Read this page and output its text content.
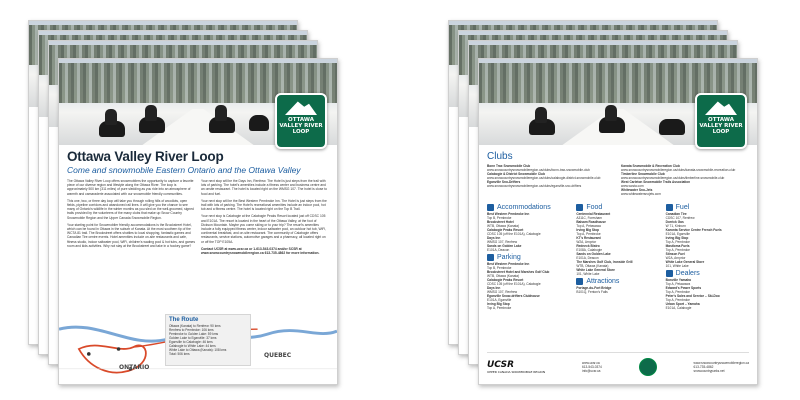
OTTAWA VALLEY RIVER LOOP
Ottawa Valley River Loop
Come and snowmobile Eastern Ontario and the Ottawa Valley

The Ottawa Valley River Loop offers snowmobilers the opportunity to capture a favorite piece of our diverse region and lifestyle along the Ottawa River. The loop is approximately 500 km (311 miles) of pure sledding as you ride into an atmosphere of warmth and camaraderie associated with our snowmobile friendly communities.

This one, two, or three day loop will take you through rolling hills of woodlots, open fields, pipeline corridors and abandoned rail lines. It will give you the chance to see many of Ontario's wildlife in the winter months as you sled on the well-groomed, signed trails provided by the volunteers of the many clubs that make up Snow Country Snowmobile Region and the Upper Canada Snowmobile Region.

Your starting point for Snowmobiler friendly accommodations is the Brookstreet Hotel, which can be found in Ottawa in the suburb of Kanata. At the most southern tip of the WCTA 81 trail. The Brookstreet offers shuttles to local shopping, fantastic games and Canadian Tire centre events. Hotel amenities include on-site restaurants and cafe, fitness studio, indoor saltwater pool, WiFi, children's wading pool & hot tubs, and games room and kids activities. Why not stay at the Brookstreet and take in a hockey game?

Your next stop will be the Days Inn, Renfrew. The Hotel is just steps from the trail with lots of parking. The hotel's amenities include a fitness center and business centre and an onsite restaurant. The hotel is located right on the WMSG 107. The hotel is close to food and fuel.

Your next stop will be the Best Western Pembroke Inn. The Hotel is just steps from the trail with lots of parking. The Hotel's recreational amenities include an indoor pool, hot tub and a fitness centre. The hotel is located right on the Top B Trail.

Your next stop is Calabogie at the Calabogie Peaks Resort located just off CDSC 105 and E101A. The resort is located in the heart of the Ottawa Valley, at the foot of Dickson Mountain. Maybe you come skiing or to your trip? The resort's amenities include a fully equipped fitness center, indoor saltwater pool, an outdoor hot tub, WiFi, continental breakfast, and on-site restaurant. The community of Calabogie offers restaurants, service stations, automotive garages and a pharmacy, all located right on or off the TOP E105A.

Contact UCSR at www.ucsr.ca or 1-613-543-0374 and/or SCSR at www.snowcountrysnowmobileregion.ca 613-735-4862 for more information.

QUEBEC
ONTARIO
The Route
Ottawa (Kanata) to Renfrew: 90 kms
Renfrew to Pembroke: 106 kms
Pembroke to Golden Lake: 59 kms
Golden Lake to Eganville: 37 kms
Eganville to Calabogie: 46 kms
Calabogie to White Lake: 44 kms
White Lake to Ottawa (Kanata): 108 kms
Total: 506 kms
OTTAWA VALLEY RIVER LOOP
Clubs
Bonn Trax Snowmobile Club
www.snowcountrysnowmobileregion.ca/clubs/bonn-trax-snowmobile-club
Calabogie & District Snowmobile Club
www.snowcountrysnowmobileregion.ca/clubs/calabogie-district-snowmobile-club
Eganville Sno-Drifters
www.snowcountrysnowmobileregion.ca/clubs/eganville-sno-drifters
Kanata Snowmobile & Recreation Club
www.snowcountrysnowmobileregion.ca/clubs/kanata-snowmobile-recreation-club
Timberline Snowmobile Club
www.snowcountrysnowmobileregion.ca/clubs/timberline-snowmobile-club
West Carleton Snowmobile Trails Association
www.wcsta.com
Whitewater Sno-Jets
www.whitewatersnojets.com
Accommodations
Best Western Pembroke Inn
Top B, Pembroke
Brookstreet Hotel
WTB, Ottawa (Kanata)
Calabogie Peaks Resort
CDSC 105 (off the E101A), Calabogie
Days Inn
WMSG 107, Renfrew
Sands on Golden Lake
E101A, Deacon
Parking
Best Western Pembroke Inn
Top B, Pembroke
Brookstreet Hotel and Marshes Golf Club
WTB, Ottawa (Kanata)
Calabogie Peaks Resort
CDSC 105 (off the E101A), Calabogie
Days Inn
WMSG 107, Renfrew
Eganville Snow-drifters Clubhouse
E101A, Eganville
Irving Big Stop
Top A, Pembroke
Food
Centennial Restaurant
A311C, Foresham
Balsam Roadhouse
Top A, Petawawa
Irving Big Stop
Top A, Pembroke
KT's Restaurant
W2A, Arnprior
Redneck Bistro
E108A, Calabogie
Sands on Golden Lake
E101A, Deacon
The Marshes Golf Club, Ironside Grill
WTB, Ottawa (Kanata)
White Lake General Store
101, White Lake
Attractions
Portage-du-Fort Bridge
B101Q, Fenton's Falls
Fuel
Canadian Tire
CDSC 107, Renfrew
Dorrick Gas
W 71, Kinburn
Karonta Service Centre French Fuels
E101A, Eganville
Irving Big Stop
Top A, Pembroke
Mastloma Fuels
Top A, Pembroke
Stinson Fuel
W2A, Arnprior
White Lake General Store
101, White Lake
Dealers
Bonville Yamaha
Top A, Petawawa
Edward's Power Sports
Top A, Pembroke
Peter's Sales and Service – Ski-Doo
Top A, Pembroke
Urban Sport – Yamaha
E101A, Calabogie
UCSR
UPPER CANADA SNOWMOBILE REGION
www.ucsr.ca
613-543-0374
info@ucsr.ca
www.snowcountrysnowmobileregion.ca
613-735-4862
snowcountryparks.net
